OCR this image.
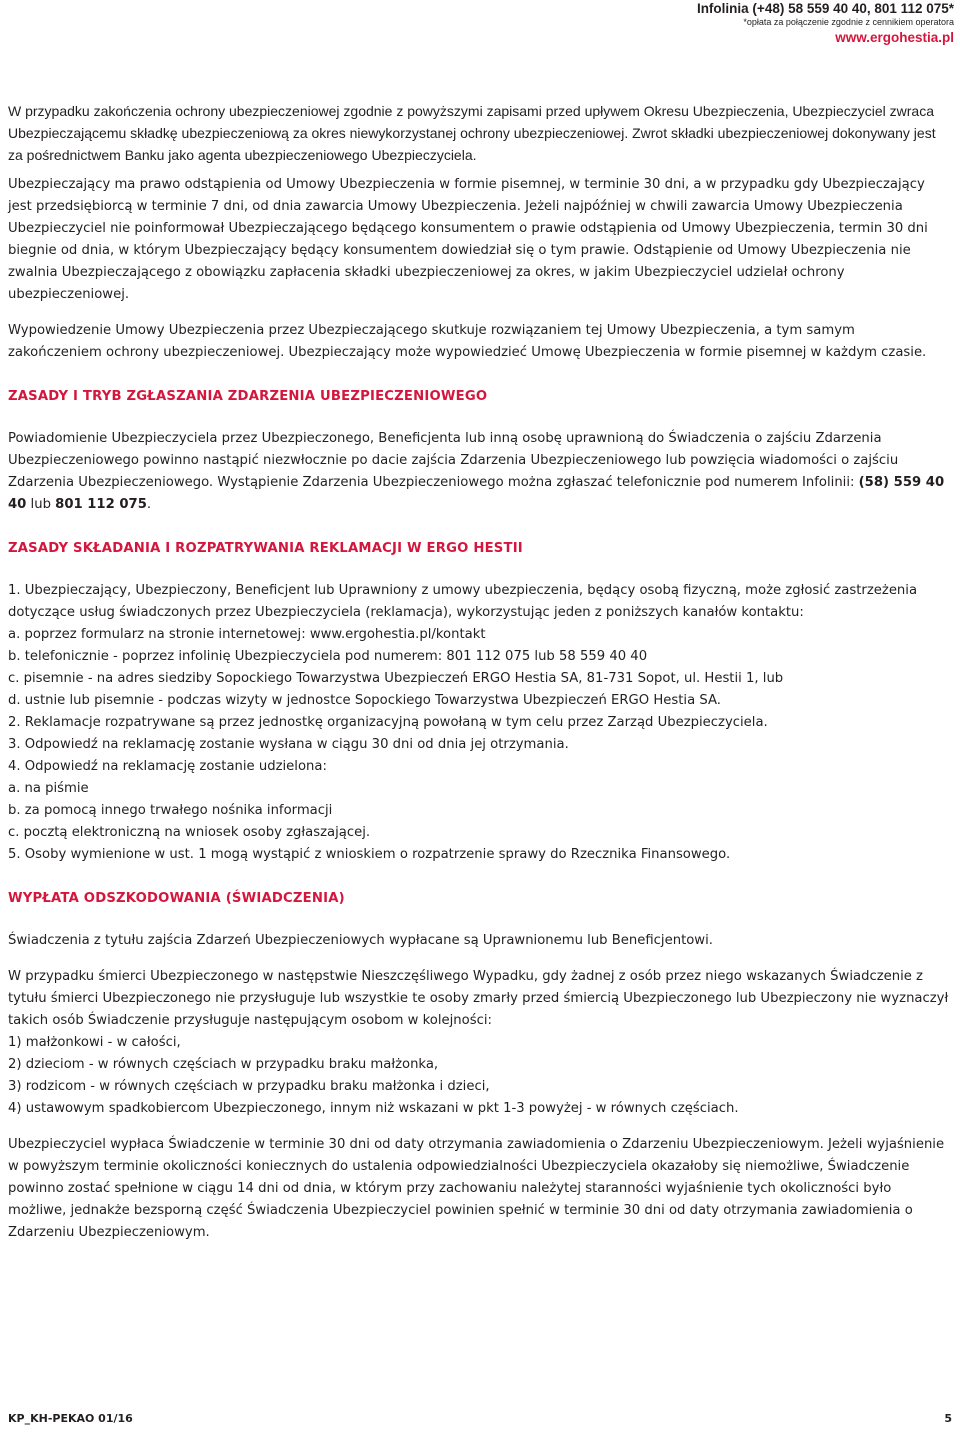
Infolinia (+48) 58 559 40 40, 801 112 075*
*opłata za połączenie zgodnie z cennikiem operatora
www.ergohestia.pl

W przypadku zakończenia ochrony ubezpieczeniowej zgodnie z powyższymi zapisami przed upływem Okresu Ubezpieczenia, Ubezpieczyciel zwraca Ubezpieczającemu składkę ubezpieczeniową za okres niewykorzystanej ochrony ubezpieczeniowej. Zwrot składki ubezpieczeniowej dokonywany jest za pośrednictwem Banku jako agenta ubezpieczeniowego Ubezpieczyciela.

Ubezpieczający ma prawo odstąpienia od Umowy Ubezpieczenia w formie pisemnej, w terminie 30 dni, a w przypadku gdy Ubezpieczający jest przedsiębiorcą w terminie 7 dni, od dnia zawarcia Umowy Ubezpieczenia. Jeżeli najpóźniej w chwili zawarcia Umowy Ubezpieczenia Ubezpieczyciel nie poinformował Ubezpieczającego będącego konsumentem o prawie odstąpienia od Umowy Ubezpieczenia, termin 30 dni biegnie od dnia, w którym Ubezpieczający będący konsumentem dowiedział się o tym prawie. Odstąpienie od Umowy Ubezpieczenia nie zwalnia Ubezpieczającego z obowiązku zapłacenia składki ubezpieczeniowej za okres, w jakim Ubezpieczyciel udzielał ochrony ubezpieczeniowej.

Wypowiedzenie Umowy Ubezpieczenia przez Ubezpieczającego skutkuje rozwiązaniem tej Umowy Ubezpieczenia, a tym samym zakończeniem ochrony ubezpieczeniowej. Ubezpieczający może wypowiedzieć Umowę Ubezpieczenia w formie pisemnej w każdym czasie.

ZASADY I TRYB ZGŁASZANIA ZDARZENIA UBEZPIECZENIOWEGO

Powiadomienie Ubezpieczyciela przez Ubezpieczonego, Beneficjenta lub inną osobę uprawnioną do Świadczenia o zajściu Zdarzenia Ubezpieczeniowego powinno nastąpić niezwłocznie po dacie zajścia Zdarzenia Ubezpieczeniowego lub powzięcia wiadomości o zajściu Zdarzenia Ubezpieczeniowego. Wystąpienie Zdarzenia Ubezpieczeniowego można zgłaszać telefonicznie pod numerem Infolinii: (58) 559 40 40 lub 801 112 075.

ZASADY SKŁADANIA I ROZPATRYWANIA REKLAMACJI W ERGO HESTII

1. Ubezpieczający, Ubezpieczony, Beneficjent lub Uprawniony z umowy ubezpieczenia, będący osobą fizyczną, może zgłosić zastrzeżenia dotyczące usług świadczonych przez Ubezpieczyciela (reklamacja), wykorzystując jeden z poniższych kanałów kontaktu:
a. poprzez formularz na stronie internetowej: www.ergohestia.pl/kontakt
b. telefonicznie - poprzez infolinię Ubezpieczyciela pod numerem: 801 112 075 lub 58 559 40 40
c. pisemnie - na adres siedziby Sopockiego Towarzystwa Ubezpieczeń ERGO Hestia SA, 81-731 Sopot, ul. Hestii 1, lub
d. ustnie lub pisemnie - podczas wizyty w jednostce Sopockiego Towarzystwa Ubezpieczeń ERGO Hestia SA.
2. Reklamacje rozpatrywane są przez jednostkę organizacyjną powołaną w tym celu przez Zarząd Ubezpieczyciela.
3. Odpowiedź na reklamację zostanie wysłana w ciągu 30 dni od dnia jej otrzymania.
4. Odpowiedź na reklamację zostanie udzielona:
a. na piśmie
b. za pomocą innego trwałego nośnika informacji
c. pocztą elektroniczną na wniosek osoby zgłaszającej.
5. Osoby wymienione w ust. 1 mogą wystąpić z wnioskiem o rozpatrzenie sprawy do Rzecznika Finansowego.

WYPŁATA ODSZKODOWANIA (ŚWIADCZENIA)

Świadczenia z tytułu zajścia Zdarzeń Ubezpieczeniowych wypłacane są Uprawnionemu lub Beneficjentowi.

W przypadku śmierci Ubezpieczonego w następstwie Nieszczęśliwego Wypadku, gdy żadnej z osób przez niego wskazanych Świadczenie z tytułu śmierci Ubezpieczonego nie przysługuje lub wszystkie te osoby zmarły przed śmiercią Ubezpieczonego lub Ubezpieczony nie wyznaczył takich osób Świadczenie przysługuje następującym osobom w kolejności:
1) małżonkowi - w całości,
2) dzieciom - w równych częściach w przypadku braku małżonka,
3) rodzicom - w równych częściach w przypadku braku małżonka i dzieci,
4) ustawowym spadkobiercom Ubezpieczonego, innym niż wskazani w pkt 1-3 powyżej - w równych częściach.

Ubezpieczyciel wypłaca Świadczenie w terminie 30 dni od daty otrzymania zawiadomienia o Zdarzeniu Ubezpieczeniowym. Jeżeli wyjaśnienie w powyższym terminie okoliczności koniecznych do ustalenia odpowiedzialności Ubezpieczyciela okazałoby się niemożliwe, Świadczenie powinno zostać spełnione w ciągu 14 dni od dnia, w którym przy zachowaniu należytej staranności wyjaśnienie tych okoliczności było możliwe, jednakże bezsporną część Świadczenia Ubezpieczyciel powinien spełnić w terminie 30 dni od daty otrzymania zawiadomienia o Zdarzeniu Ubezpieczeniowym.

KP_KH-PEKAO 01/16	5
